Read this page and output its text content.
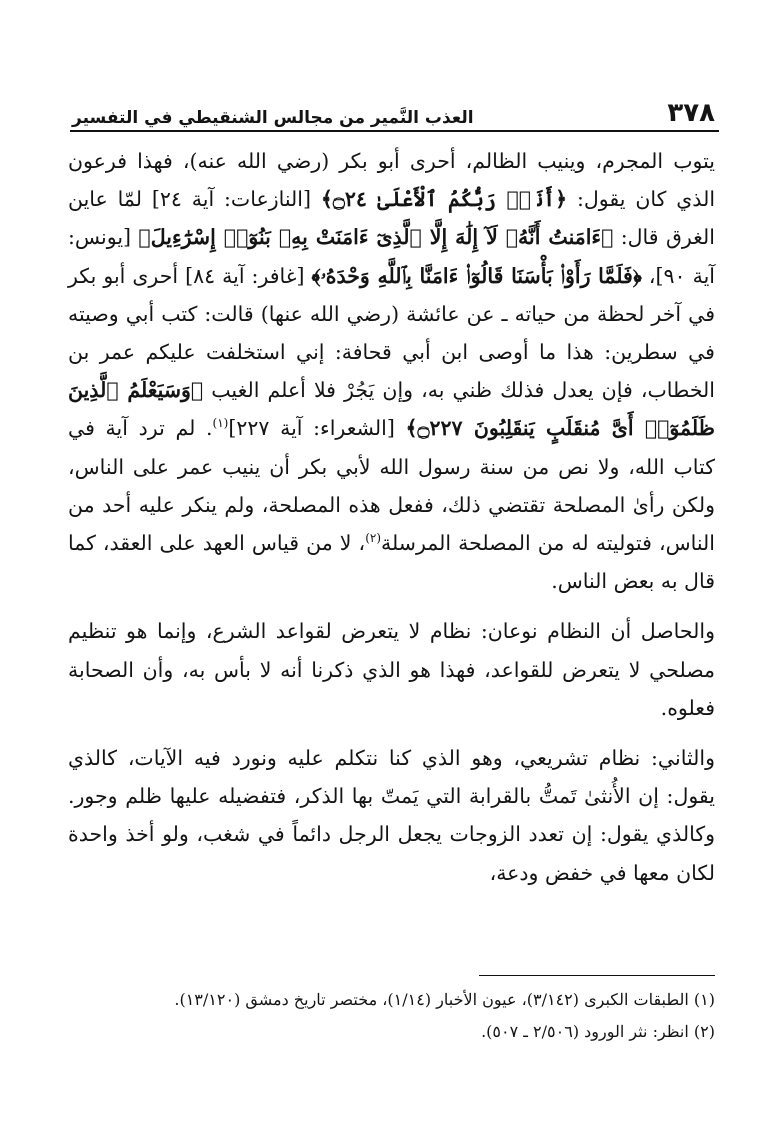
٣٧٨
العذب النَّمير من مجالس الشنقيطي في التفسير

يتوب المجرم، وينيب الظالم، أحرى أبو بكر (رضي الله عنه)، فهذا فرعون الذي كان يقول: ﴿أَنَا۠ رَبُّكُمُ ٱلْأَعْلَىٰ ۝٢٤﴾ [النازعات: آية ٢٤] لمّا عاين الغرق قال: ﴿ءَامَنتُ أَنَّهُۥ لَآ إِلَٰهَ إِلَّا ٱلَّذِىٓ ءَامَنَتْ بِهِۦ بَنُوٓا۟ إِسْرَٰٓءِيلَ﴾ [يونس: آية ٩٠]، ﴿فَلَمَّا رَأَوْا۟ بَأْسَنَا قَالُوٓا۟ ءَامَنَّا بِٱللَّهِ وَحْدَهُۥ﴾ [غافر: آية ٨٤] أحرى أبو بكر في آخر لحظة من حياته ـ عن عائشة (رضي الله عنها) قالت: كتب أبي وصيته في سطرين: هذا ما أوصى ابن أبي قحافة: إني استخلفت عليكم عمر بن الخطاب، فإن يعدل فذلك ظني به، وإن يَجُرْ فلا أعلم الغيب ﴿وَسَيَعْلَمُ ٱلَّذِينَ ظَلَمُوٓا۟ أَىَّ مُنقَلَبٍ يَنقَلِبُونَ ۝٢٢٧﴾ [الشعراء: آية ٢٢٧]$^{(١)}$. لم ترد آية في كتاب الله، ولا نص من سنة رسول الله لأبي بكر أن ينيب عمر على الناس، ولكن رأىٰ المصلحة تقتضي ذلك، ففعل هذه المصلحة، ولم ينكر عليه أحد من الناس، فتوليته له من المصلحة المرسلة$^{(٢)}$، لا من قياس العهد على العقد، كما قال به بعض الناس.

والحاصل أن النظام نوعان: نظام لا يتعرض لقواعد الشرع، وإنما هو تنظيم مصلحي لا يتعرض للقواعد، فهذا هو الذي ذكرنا أنه لا بأس به، وأن الصحابة فعلوه.

والثاني: نظام تشريعي، وهو الذي كنا نتكلم عليه ونورد فيه الآيات، كالذي يقول: إن الأُنثىٰ تَمتُّ بالقرابة التي يَمتّ بها الذكر، فتفضيله عليها ظلم وجور. وكالذي يقول: إن تعدد الزوجات يجعل الرجل دائماً في شغب، ولو أخذ واحدة لكان معها في خفض ودعة،

(١) الطبقات الكبرى (٣/١٤٢)، عيون الأخبار (١/١٤)، مختصر تاريخ دمشق (١٣/١٢٠).

(٢) انظر: نثر الورود (٢/٥٠٦ ـ ٥٠٧).
